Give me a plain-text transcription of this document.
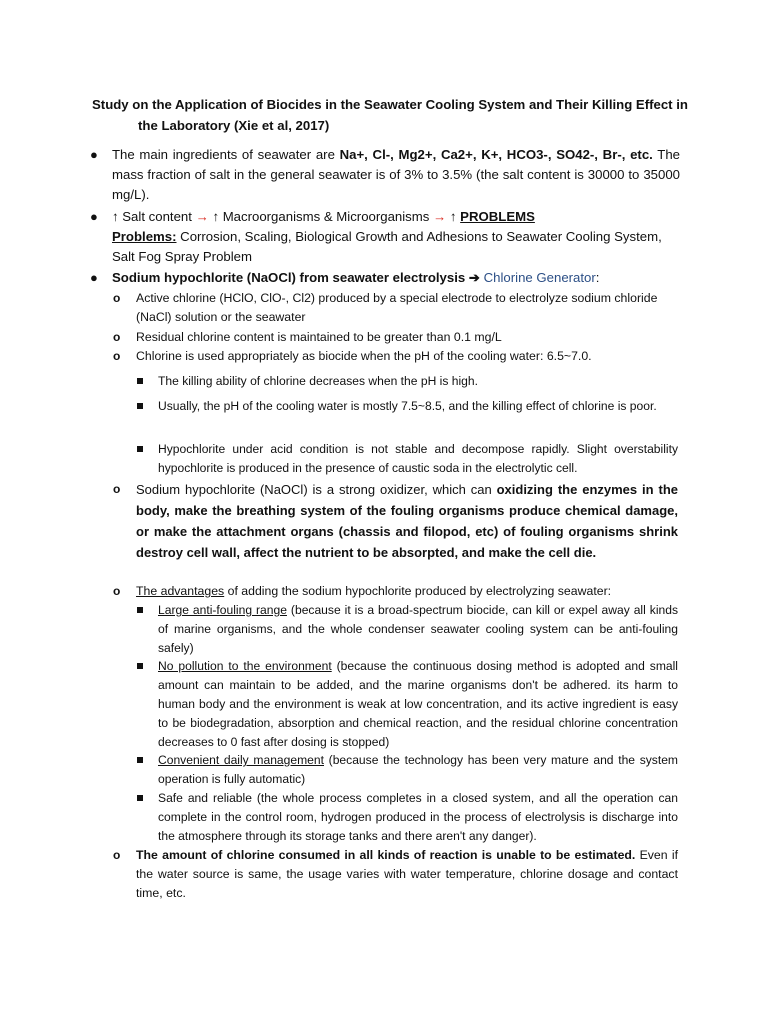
Study on the Application of Biocides in the Seawater Cooling System and Their Killing Effect in
the Laboratory (Xie et al, 2017)
● The main ingredients of seawater are Na+, Cl-, Mg2+, Ca2+, K+, HCO3-, SO42-, Br-, etc. The mass fraction of salt in the general seawater is of 3% to 3.5% (the salt content is 30000 to 35000 mg/L).
● ↑ Salt content → ↑ Macroorganisms & Microorganisms → ↑ PROBLEMS
Problems: Corrosion, Scaling, Biological Growth and Adhesions to Seawater Cooling System, Salt Fog Spray Problem
● Sodium hypochlorite (NaOCl) from seawater electrolysis ➔ Chlorine Generator:
o Active chlorine (HClO, ClO-, Cl2) produced by a special electrode to electrolyze sodium chloride (NaCl) solution or the seawater
o Residual chlorine content is maintained to be greater than 0.1 mg/L
o Chlorine is used appropriately as biocide when the pH of the cooling water: 6.5~7.0.
The killing ability of chlorine decreases when the pH is high.
Usually, the pH of the cooling water is mostly 7.5~8.5, and the killing effect of chlorine is poor.
Hypochlorite under acid condition is not stable and decompose rapidly. Slight overstability hypochlorite is produced in the presence of caustic soda in the electrolytic cell.
o Sodium hypochlorite (NaOCl) is a strong oxidizer, which can oxidizing the enzymes in the body, make the breathing system of the fouling organisms produce chemical damage, or make the attachment organs (chassis and filopod, etc) of fouling organisms shrink destroy cell wall, affect the nutrient to be absorpted, and make the cell die.
o The advantages of adding the sodium hypochlorite produced by electrolyzing seawater:
Large anti-fouling range (because it is a broad-spectrum biocide, can kill or expel away all kinds of marine organisms, and the whole condenser seawater cooling system can be anti-fouling safely)
No pollution to the environment (because the continuous dosing method is adopted and small amount can maintain to be added, and the marine organisms don't be adhered. its harm to human body and the environment is weak at low concentration, and its active ingredient is easy to be biodegradation, absorption and chemical reaction, and the residual chlorine concentration decreases to 0 fast after dosing is stopped)
Convenient daily management (because the technology has been very mature and the system operation is fully automatic)
Safe and reliable (the whole process completes in a closed system, and all the operation can complete in the control room, hydrogen produced in the process of electrolysis is discharge into the atmosphere through its storage tanks and there aren't any danger).
o The amount of chlorine consumed in all kinds of reaction is unable to be estimated. Even if the water source is same, the usage varies with water temperature, chlorine dosage and contact time, etc.
